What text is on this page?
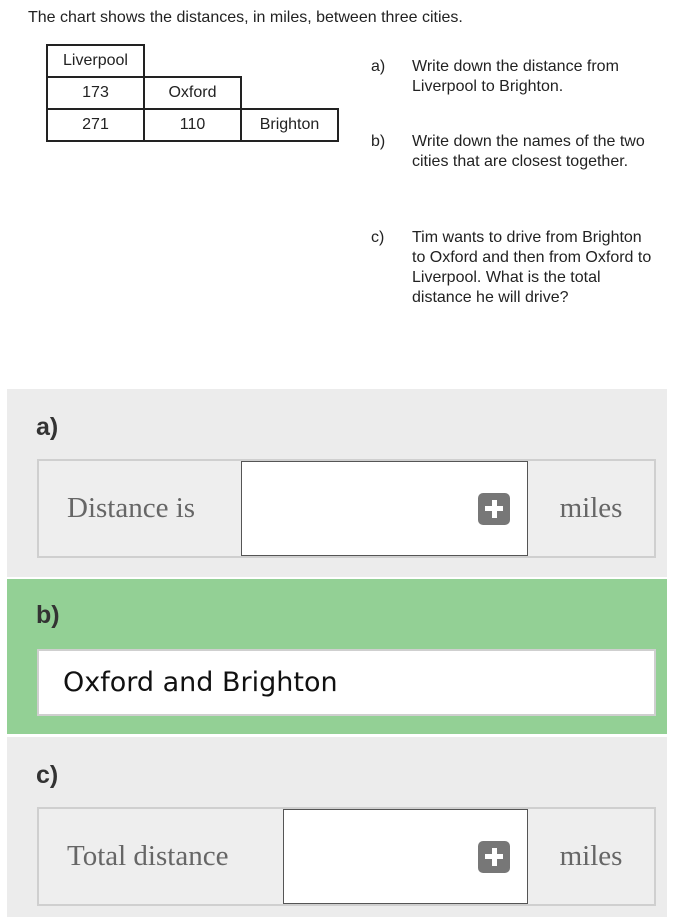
The chart shows the distances, in miles, between three cities.
Liverpool		
173	Oxford	
271	110	Brighton
a) Write down the distance from Liverpool to Brighton.
b) Write down the names of the two cities that are closest together.
c) Tim wants to drive from Brighton to Oxford and then from Oxford to Liverpool. What is the total distance he will drive?
a)
Distance is	miles
b)
Oxford and Brighton
c)
Total distance	miles
